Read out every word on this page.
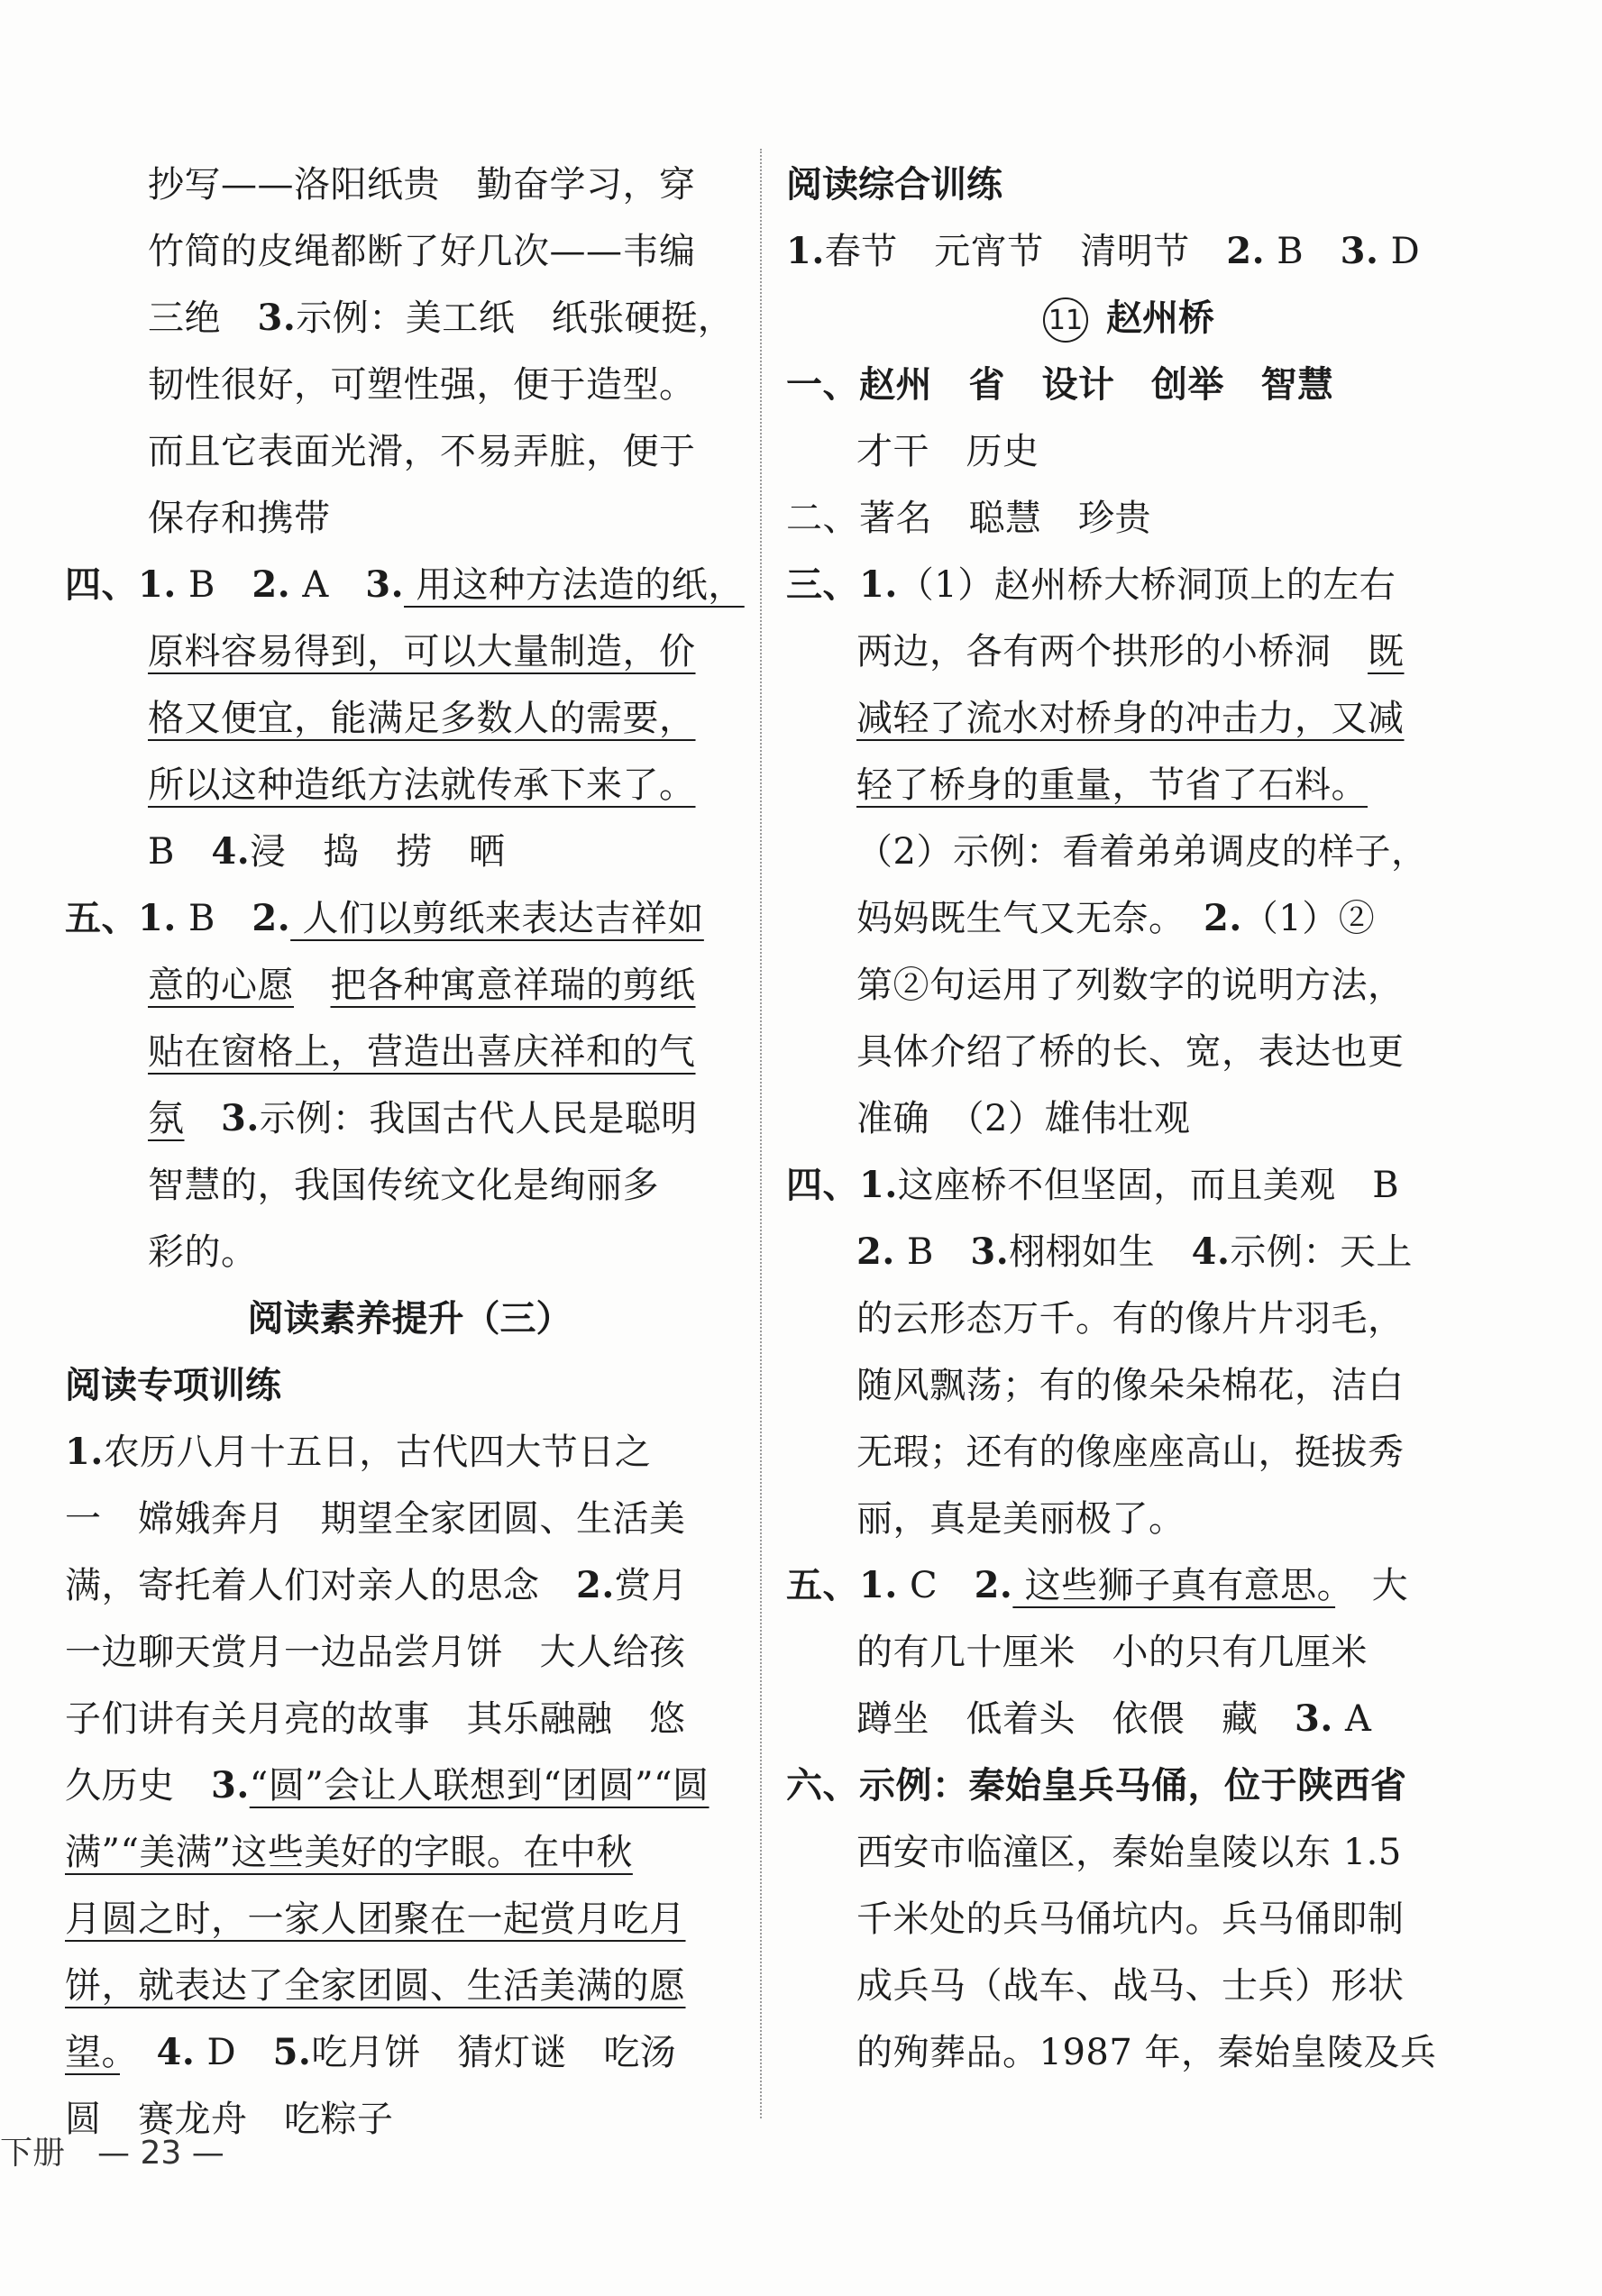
抄写——洛阳纸贵　勤奋学习，穿
竹简的皮绳都断了好几次——韦编
三绝　3.示例：美工纸　纸张硬挺，
韧性很好，可塑性强，便于造型。
而且它表面光滑，不易弄脏，便于
保存和携带
四、1. B　2. A　3. 用这种方法造的纸，
原料容易得到，可以大量制造，价
格又便宜，能满足多数人的需要，
所以这种造纸方法就传承下来了。
B　4.浸　捣　捞　晒
五、1. B　2. 人们以剪纸来表达吉祥如
意的心愿　 把各种寓意祥瑞的剪纸
贴在窗格上，营造出喜庆祥和的气
氛　 3.示例：我国古代人民是聪明
智慧的，我国传统文化是绚丽多
彩的。
阅读素养提升（三）
阅读专项训练
1.农历八月十五日，古代四大节日之
一　嫦娥奔月　期望全家团圆、生活美
满，寄托着人们对亲人的思念　2.赏月
一边聊天赏月一边品尝月饼　大人给孩
子们讲有关月亮的故事　其乐融融　悠
久历史　3.“圆”会让人联想到“团圆”“圆
满”“美满”这些美好的字眼。在中秋
月圆之时，一家人团聚在一起赏月吃月
饼，就表达了全家团圆、生活美满的愿
望。　 4. D　5.吃月饼　猜灯谜　吃汤
圆　赛龙舟　吃粽子
阅读综合训练
1.春节　元宵节　清明节　2. B　3. D
11 赵州桥
一、赵州　省　设计　创举　智慧
才干　历史
二、著名　聪慧　珍贵
三、1.（1）赵州桥大桥洞顶上的左右
两边，各有两个拱形的小桥洞　既
减轻了流水对桥身的冲击力，又减
轻了桥身的重量，节省了石料。
（2）示例：看着弟弟调皮的样子，
妈妈既生气又无奈。　2.（1）②
第②句运用了列数字的说明方法，
具体介绍了桥的长、宽，表达也更
准确　（2）雄伟壮观
四、1.这座桥不但坚固，而且美观　B
2. B　3.栩栩如生　4.示例：天上
的云形态万千。有的像片片羽毛，
随风飘荡；有的像朵朵棉花，洁白
无瑕；还有的像座座高山，挺拔秀
丽，真是美丽极了。
五、1. C　2. 这些狮子真有意思。　大
的有几十厘米　小的只有几厘米
蹲坐　低着头　依偎　藏　3. A
六、示例：秦始皇兵马俑，位于陕西省
西安市临潼区，秦始皇陵以东 1.5
千米处的兵马俑坑内。兵马俑即制
成兵马（战车、战马、士兵）形状
的殉葬品。1987 年，秦始皇陵及兵
下册　— 23 —
